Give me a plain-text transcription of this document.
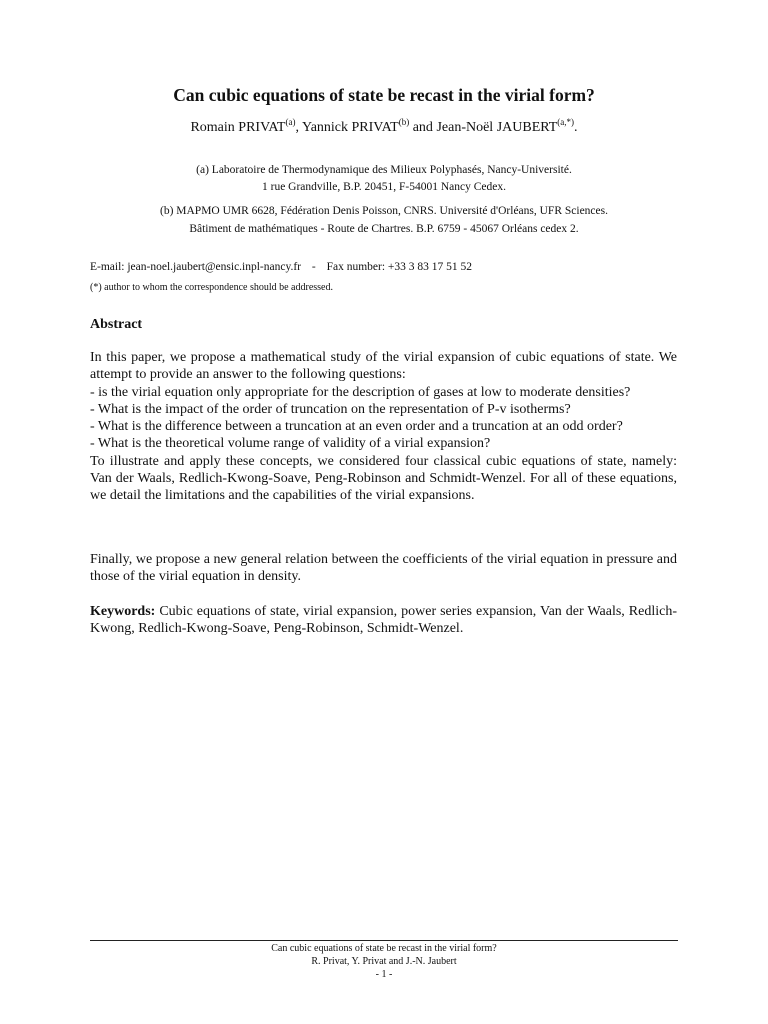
Can cubic equations of state be recast in the virial form?
Romain PRIVAT$^{(a)}$, Yannick PRIVAT$^{(b)}$ and Jean-Noël $JAUBERT^{(a,*)}$.
(a) Laboratoire de Thermodynamique des Milieux Polyphasés, Nancy-Université.
1 rue Grandville, B.P. 20451, F-54001 Nancy Cedex.
(b) MAPMO UMR 6628, Fédération Denis Poisson, CNRS. Université d'Orléans, UFR Sciences.
Bâtiment de mathématiques - Route de Chartres. B.P. 6759 - 45067 Orléans cedex 2.
E-mail: jean-noel.jaubert@ensic.inpl-nancy.fr - Fax number: +33 3 83 17 51 52
(*) author to whom the correspondence should be addressed.
Abstract
In this paper, we propose a mathematical study of the virial expansion of cubic equations of state. We attempt to provide an answer to the following questions:
- is the virial equation only appropriate for the description of gases at low to moderate densities?
- What is the impact of the order of truncation on the representation of P-v isotherms?
- What is the difference between a truncation at an even order and a truncation at an odd order?
- What is the theoretical volume range of validity of a virial expansion?
To illustrate and apply these concepts, we considered four classical cubic equations of state, namely: Van der Waals, Redlich-Kwong-Soave, Peng-Robinson and Schmidt-Wenzel. For all of these equations, we detail the limitations and the capabilities of the virial expansions.
Finally, we propose a new general relation between the coefficients of the virial equation in pressure and those of the virial equation in density.
Keywords: Cubic equations of state, virial expansion, power series expansion, Van der Waals, Redlich-Kwong, Redlich-Kwong-Soave, Peng-Robinson, Schmidt-Wenzel.
Can cubic equations of state be recast in the virial form?
R. Privat, Y. Privat and J.-N. Jaubert
- 1 -
